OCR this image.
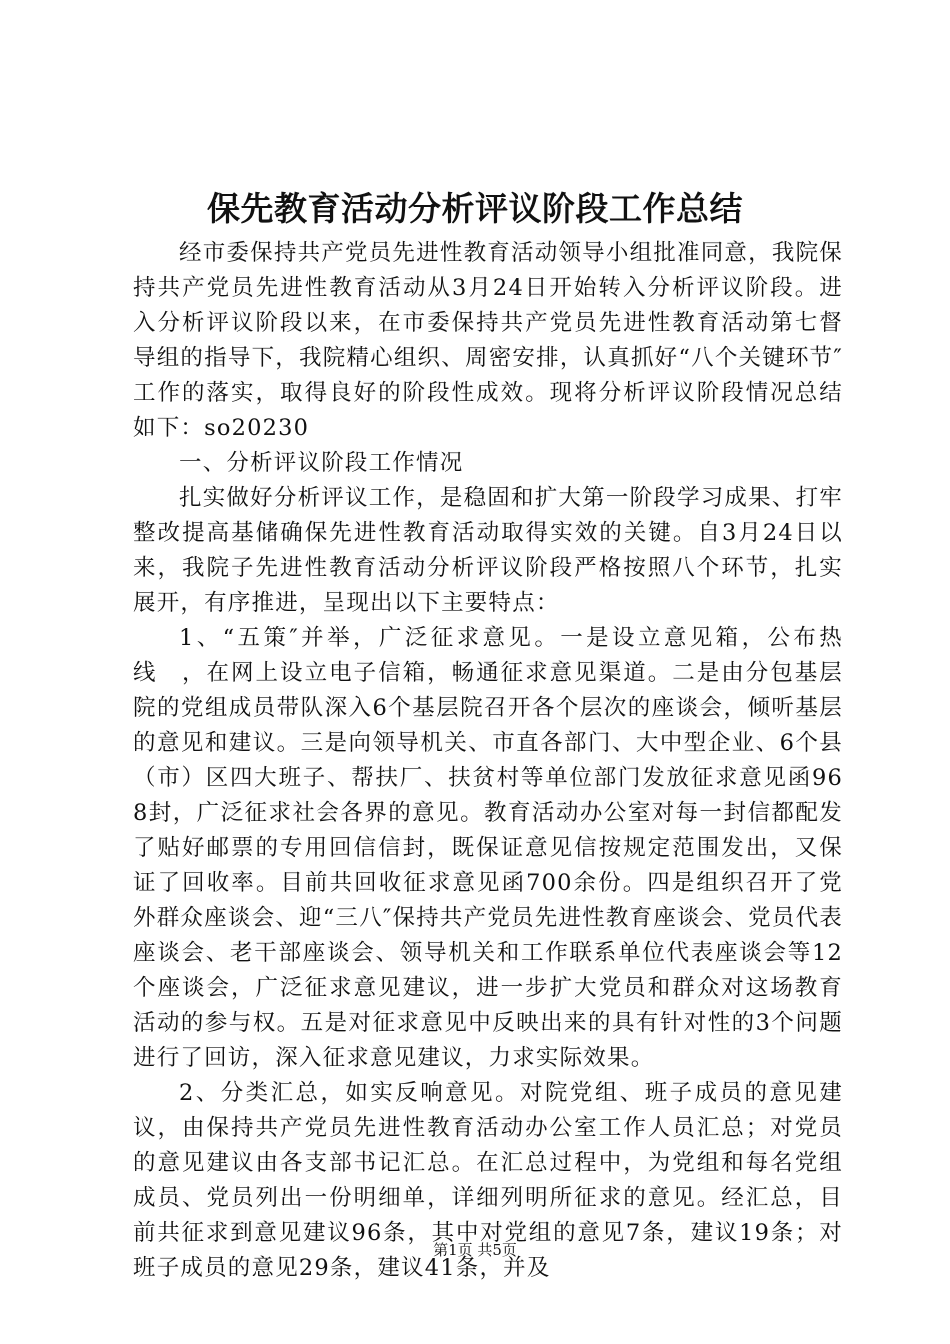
保先教育活动分析评议阶段工作总结

经市委保持共产党员先进性教育活动领导小组批准同意，我院保持共产党员先进性教育活动从3月24日开始转入分析评议阶段。进入分析评议阶段以来，在市委保持共产党员先进性教育活动第七督导组的指导下，我院精心组织、周密安排，认真抓好“八个关键环节″工作的落实，取得良好的阶段性成效。现将分析评议阶段情况总结如下：so20230

一、分析评议阶段工作情况

扎实做好分析评议工作，是稳固和扩大第一阶段学习成果、打牢整改提高基储确保先进性教育活动取得实效的关键。自3月24日以来，我院子先进性教育活动分析评议阶段严格按照八个环节，扎实展开，有序推进，呈现出以下主要特点：

1、“五策″并举，广泛征求意见。一是设立意见箱，公布热线　，在网上设立电子信箱，畅通征求意见渠道。二是由分包基层院的党组成员带队深入6个基层院召开各个层次的座谈会，倾听基层的意见和建议。三是向领导机关、市直各部门、大中型企业、6个县（市）区四大班子、帮扶厂、扶贫村等单位部门发放征求意见函968封，广泛征求社会各界的意见。教育活动办公室对每一封信都配发了贴好邮票的专用回信信封，既保证意见信按规定范围发出，又保证了回收率。目前共回收征求意见函700余份。四是组织召开了党外群众座谈会、迎“三八″保持共产党员先进性教育座谈会、党员代表座谈会、老干部座谈会、领导机关和工作联系单位代表座谈会等12个座谈会，广泛征求意见建议，进一步扩大党员和群众对这场教育活动的参与权。五是对征求意见中反映出来的具有针对性的3个问题进行了回访，深入征求意见建议，力求实际效果。

2、分类汇总，如实反响意见。对院党组、班子成员的意见建议，由保持共产党员先进性教育活动办公室工作人员汇总；对党员的意见建议由各支部书记汇总。在汇总过程中，为党组和每名党组成员、党员列出一份明细单，详细列明所征求的意见。经汇总，目前共征求到意见建议96条，其中对党组的意见7条，建议19条；对班子成员的意见29条，建议41条，并及

第1页 共5页
